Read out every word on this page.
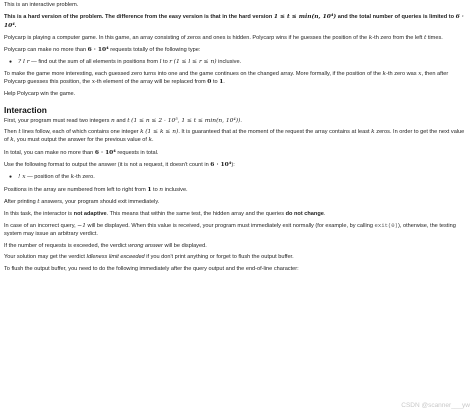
This is an interactive problem.

This is a hard version of the problem. The difference from the easy version is that in the hard version 1 ≤ t ≤ min(n, 10⁴) and the total number of queries is limited to 6 · 10⁴.

Polycarp is playing a computer game. In this game, an array consisting of zeros and ones is hidden. Polycarp wins if he guesses the position of the k-th zero from the left t times.

Polycarp can make no more than 6 · 10⁴ requests totally of the following type:

● ? l r — find out the sum of all elements in positions from l to r (1 ≤ l ≤ r ≤ n) inclusive.

To make the game more interesting, each guessed zero turns into one and the game continues on the changed array. More formally, if the position of the k-th zero was x, then after Polycarp guesses this position, the x-th element of the array will be replaced from 0 to 1.

Help Polycarp win the game.

Interaction

First, your program must read two integers n and t (1 ≤ n ≤ 2 · 10⁵, 1 ≤ t ≤ min(n, 10⁴)).

Then t lines follow, each of which contains one integer k (1 ≤ k ≤ n). It is guaranteed that at the moment of the request the array contains at least k zeros. In order to get the next value of k, you must output the answer for the previous value of k.

In total, you can make no more than 6 · 10⁴ requests in total.

Use the following format to output the answer (it is not a request, it doesn't count in 6 · 10⁴):

● ! x — position of the k-th zero.

Positions in the array are numbered from left to right from 1 to n inclusive.

After printing t answers, your program should exit immediately.

In this task, the interactor is not adaptive. This means that within the same test, the hidden array and the queries do not change.

In case of an incorrect query, −1 will be displayed. When this value is received, your program must immediately exit normally (for example, by calling exit(0)), otherwise, the testing system may issue an arbitrary verdict.

If the number of requests is exceeded, the verdict wrong answer will be displayed.

Your solution may get the verdict Idleness limit exceeded if you don't print anything or forget to flush the output buffer.

To flush the output buffer, you need to do the following immediately after the query output and the end-of-line character:

CSDN @scanner___yw
